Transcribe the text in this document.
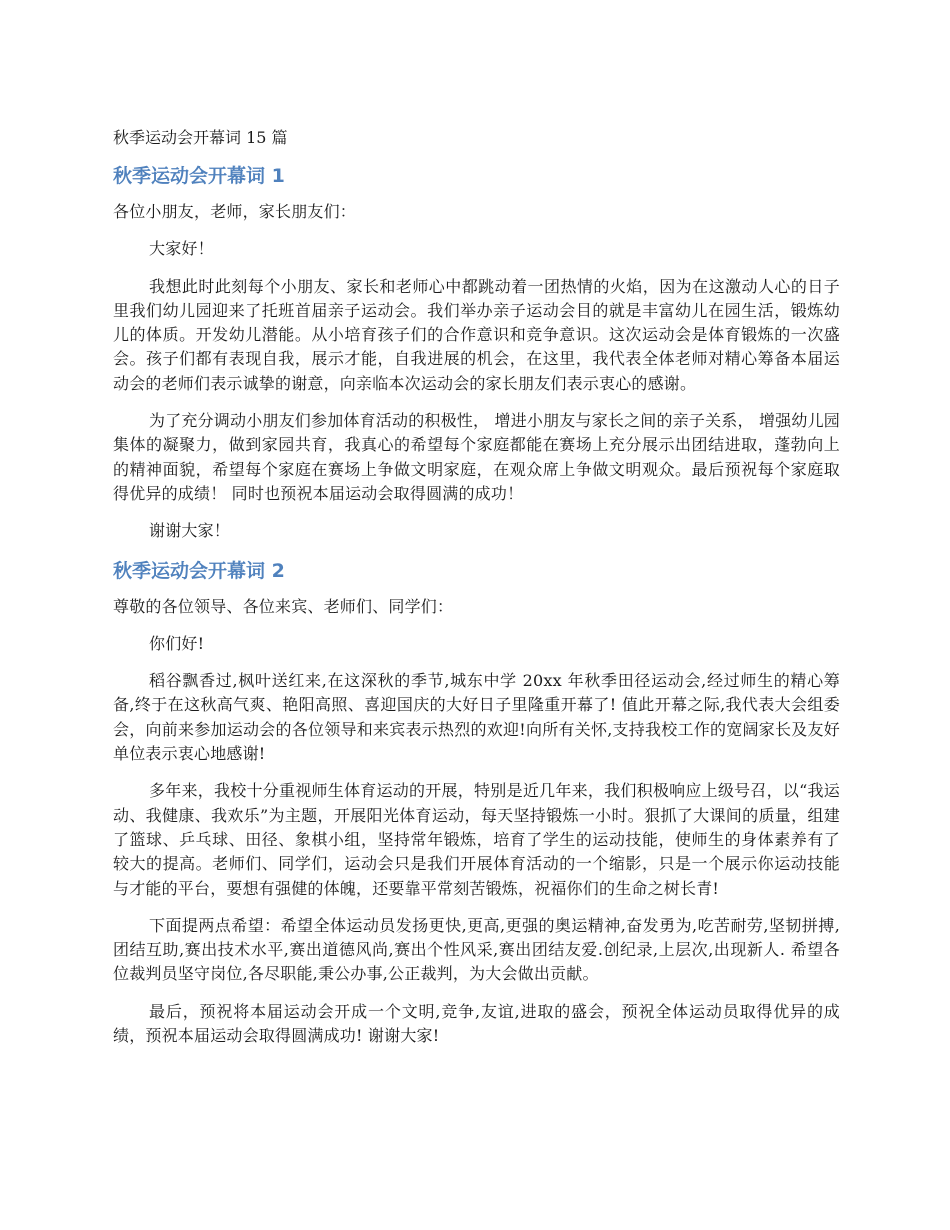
秋季运动会开幕词 15 篇
秋季运动会开幕词 1

各位小朋友，老师，家长朋友们：

大家好！

我想此时此刻每个小朋友、家长和老师心中都跳动着一团热情的火焰，因为在这激动人心的日子里我们幼儿园迎来了托班首届亲子运动会。我们举办亲子运动会目的就是丰富幼儿在园生活，锻炼幼儿的体质。开发幼儿潜能。从小培育孩子们的合作意识和竞争意识。这次运动会是体育锻炼的一次盛会。孩子们都有表现自我，展示才能，自我进展的机会，在这里，我代表全体老师对精心筹备本届运动会的老师们表示诚挚的谢意，向亲临本次运动会的家长朋友们表示衷心的感谢。

为了充分调动小朋友们参加体育活动的积极性， 增进小朋友与家长之间的亲子关系， 增强幼儿园集体的凝聚力，做到家园共育，我真心的希望每个家庭都能在赛场上充分展示出团结进取，蓬勃向上的精神面貌，希望每个家庭在赛场上争做文明家庭，在观众席上争做文明观众。最后预祝每个家庭取得优异的成绩！ 同时也预祝本届运动会取得圆满的成功！

谢谢大家！

秋季运动会开幕词 2

尊敬的各位领导、各位来宾、老师们、同学们：

你们好!

稻谷飘香过,枫叶送红来,在这深秋的季节,城东中学 20xx 年秋季田径运动会,经过师生的精心筹备,终于在这秋高气爽、艳阳高照、喜迎国庆的大好日子里隆重开幕了! 值此开幕之际,我代表大会组委会，向前来参加运动会的各位领导和来宾表示热烈的欢迎!向所有关怀,支持我校工作的宽阔家长及友好单位表示衷心地感谢!

多年来，我校十分重视师生体育运动的开展，特别是近几年来，我们积极响应上级号召，以“我运动、我健康、我欢乐”为主题，开展阳光体育运动，每天坚持锻炼一小时。狠抓了大课间的质量，组建了篮球、乒乓球、田径、象棋小组，坚持常年锻炼，培育了学生的运动技能，使师生的身体素养有了较大的提高。老师们、同学们，运动会只是我们开展体育活动的一个缩影，只是一个展示你运动技能与才能的平台，要想有强健的体魄，还要靠平常刻苦锻炼，祝福你们的生命之树长青!

下面提两点希望：希望全体运动员发扬更快,更高,更强的奥运精神,奋发勇为,吃苦耐劳,坚韧拼搏,团结互助,赛出技术水平,赛出道德风尚,赛出个性风采,赛出团结友爱.创纪录,上层次,出现新人. 希望各位裁判员坚守岗位,各尽职能,秉公办事,公正裁判，为大会做出贡献。

最后，预祝将本届运动会开成一个文明,竞争,友谊,进取的盛会，预祝全体运动员取得优异的成绩，预祝本届运动会取得圆满成功! 谢谢大家!
